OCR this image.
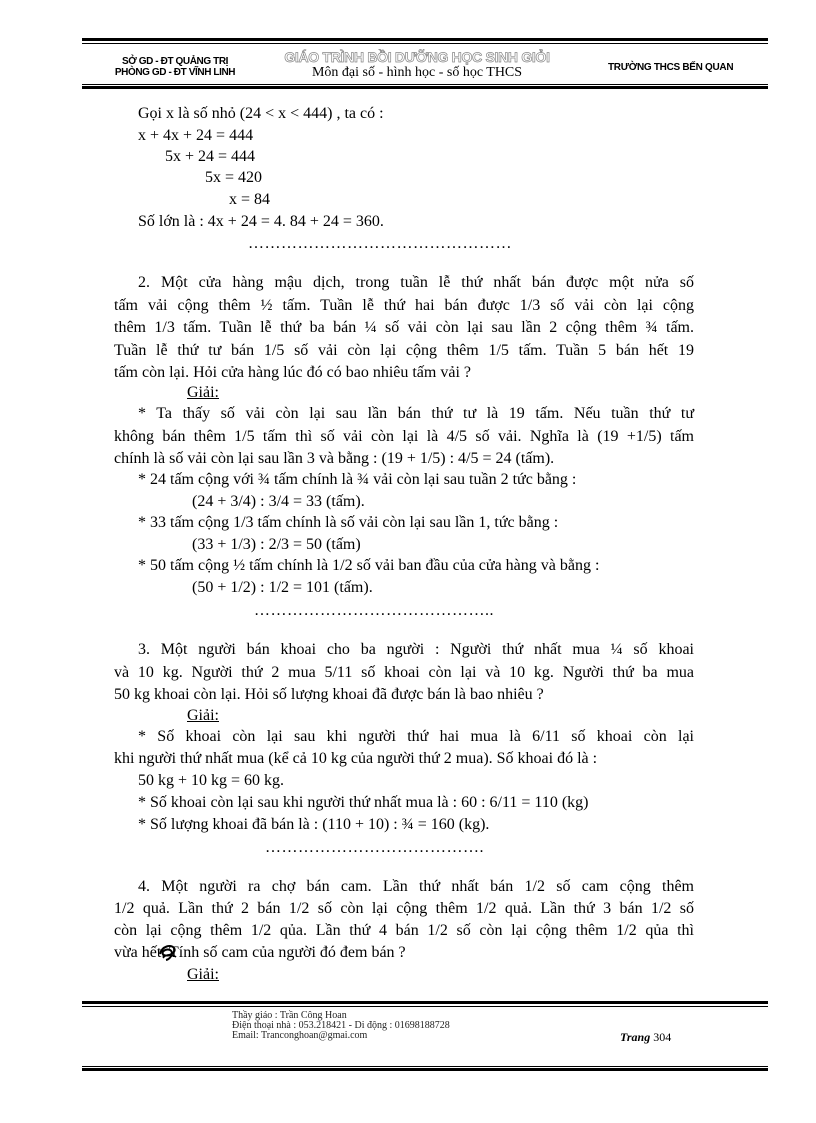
SỞ GD - ĐT QUẢNG TRỊ
PHÒNG GD - ĐT VĨNH LINH
GIÁO TRÌNH BỒI DƯỠNG HỌC SINH GIỎI
Môn đại số - hình học - số học THCS	TRƯỜNG THCS BẾN QUAN
Gọi x là số nhỏ (24 < x < 444) , ta có :
x + 4x + 24 = 444
5x + 24 = 444
5x = 420
x = 84
Số lớn là : 4x + 24 = 4. 84 + 24 = 360.
…………………………………………
2. Một cửa hàng mậu dịch, trong tuần lễ thứ nhất bán được một nửa số
tấm vải cộng thêm ½ tấm. Tuần lễ thứ hai bán được 1/3 số vải còn lại cộng
thêm 1/3 tấm. Tuần lễ thứ ba bán ¼ số vải còn lại sau lần 2 cộng thêm ¾ tấm.
Tuần lễ thứ tư bán 1/5 số vải còn lại cộng thêm 1/5 tấm. Tuần 5 bán hết 19
tấm còn lại. Hỏi cửa hàng lúc đó có bao nhiêu tấm vải ?
Giải:
* Ta thấy số vải còn lại sau lần bán thứ tư là 19 tấm. Nếu tuần thứ tư
không bán thêm 1/5 tấm thì số vải còn lại là 4/5 số vải. Nghĩa là (19 +1/5) tấm
chính là số vải còn lại sau lần 3 và bằng : (19 + 1/5) : 4/5 = 24 (tấm).
* 24 tấm cộng với ¾ tấm chính là ¾ vải còn lại sau tuần 2 tức bằng :
(24 + 3/4) : 3/4 = 33 (tấm).
* 33 tấm cộng 1/3 tấm chính là số vải còn lại sau lần 1, tức bằng :
(33 + 1/3) : 2/3 = 50 (tấm)
* 50 tấm cộng ½ tấm chính là 1/2 số vải ban đầu của cửa hàng và bằng :
(50 + 1/2) : 1/2 = 101 (tấm).
……………………………………..
3. Một người bán khoai cho ba người : Người thứ nhất mua ¼ số khoai
và 10 kg. Người thứ 2 mua 5/11 số khoai còn lại và 10 kg. Người thứ ba mua
50 kg khoai còn lại. Hỏi số lượng khoai đã được bán là bao nhiêu ?
Giải:
* Số khoai còn lại sau khi người thứ hai mua là 6/11 số khoai còn lại
khi người thứ nhất mua (kể cả 10 kg của người thứ 2 mua). Số khoai đó là :
50 kg + 10 kg = 60 kg.
* Số khoai còn lại sau khi người thứ nhất mua là : 60 : 6/11 = 110 (kg)
* Số lượng khoai đã bán là : (110 + 10) : ¾ = 160 (kg).
………………………………….
4. Một người ra chợ bán cam. Lần thứ nhất bán 1/2 số cam cộng thêm
1/2 quả. Lần thứ 2 bán 1/2 số còn lại cộng thêm 1/2 quả. Lần thứ 3 bán 1/2 số
còn lại cộng thêm 1/2 qủa. Lần thứ 4 bán 1/2 số còn lại cộng thêm 1/2 qủa thì
vừa hết. Tính số cam của người đó đem bán ?
Giải:
Thầy giáo : Trần Công Hoan
Điện thoại nhà : 053.218421 - Di động : 01698188728
Email: Tranconghoan@gmai.com	Trang 304
